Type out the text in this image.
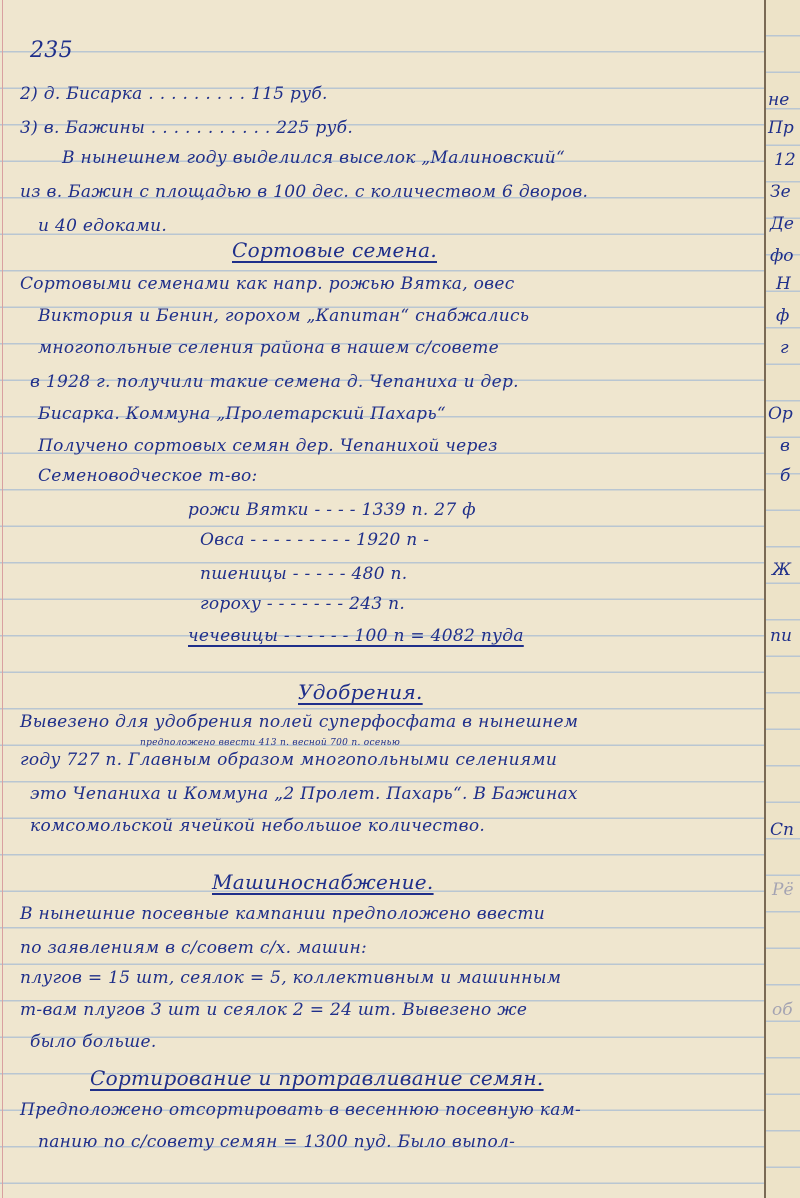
235
2) д. Бисарка . . . . . . . . . 115 руб.
3) в. Бажины . . . . . . . . . . . 225 руб.
В нынешнем году выделился выселок „Малиновский“
из в. Бажин с площадью в 100 дес. с количеством 6 дворов.
и 40 едоками.
Сортовые семена.
Сортовыми семенами как напр. рожью Вятка, овес
Виктория и Бенин, горохом „Капитан“ снабжались
многопольные селения района в нашем с/совете
в 1928 г. получили такие семена д. Чепаниха и дер.
Бисарка. Коммуна „Пролетарский Пахарь“
Получено сортовых семян дер. Чепанихой через
Семеноводческое т-во:
рожи Вятки - - - - 1339 п. 27 ф
Овса - - - - - - - - - 1920 п -
пшеницы - - - - - 480 п.
гороху - - - - - - - 243 п.
чечевицы - - - - - - 100 п = 4082 пуда
Удобрения.
Вывезено для удобрения полей суперфосфата в нынешнем
предположено ввести 413 п. весной 700 п. осенью
году 727 п. Главным образом многопольными селениями
это Чепаниха и Коммуна „2 Пролет. Пахарь“. В Бажинах
комсомольской ячейкой небольшое количество.
Машиноснабжение.
В нынешние посевные кампании предположено ввести
по заявлениям в с/совет с/х. машин:
плугов = 15 шт, сеялок = 5, коллективным и машинным
т-вам плугов 3 шт и сеялок 2 = 24 шт. Вывезено же
было больше.
Сортирование и протравливание семян.
Предположено отсортировать в весеннюю посевную кам-
панию по с/совету семян = 1300 пуд. Было выпол-
не
Пр
12
Зе
Де
фо
Н
ф
г
Ор
в
б
Ж
пи
Сп
Рё
об
